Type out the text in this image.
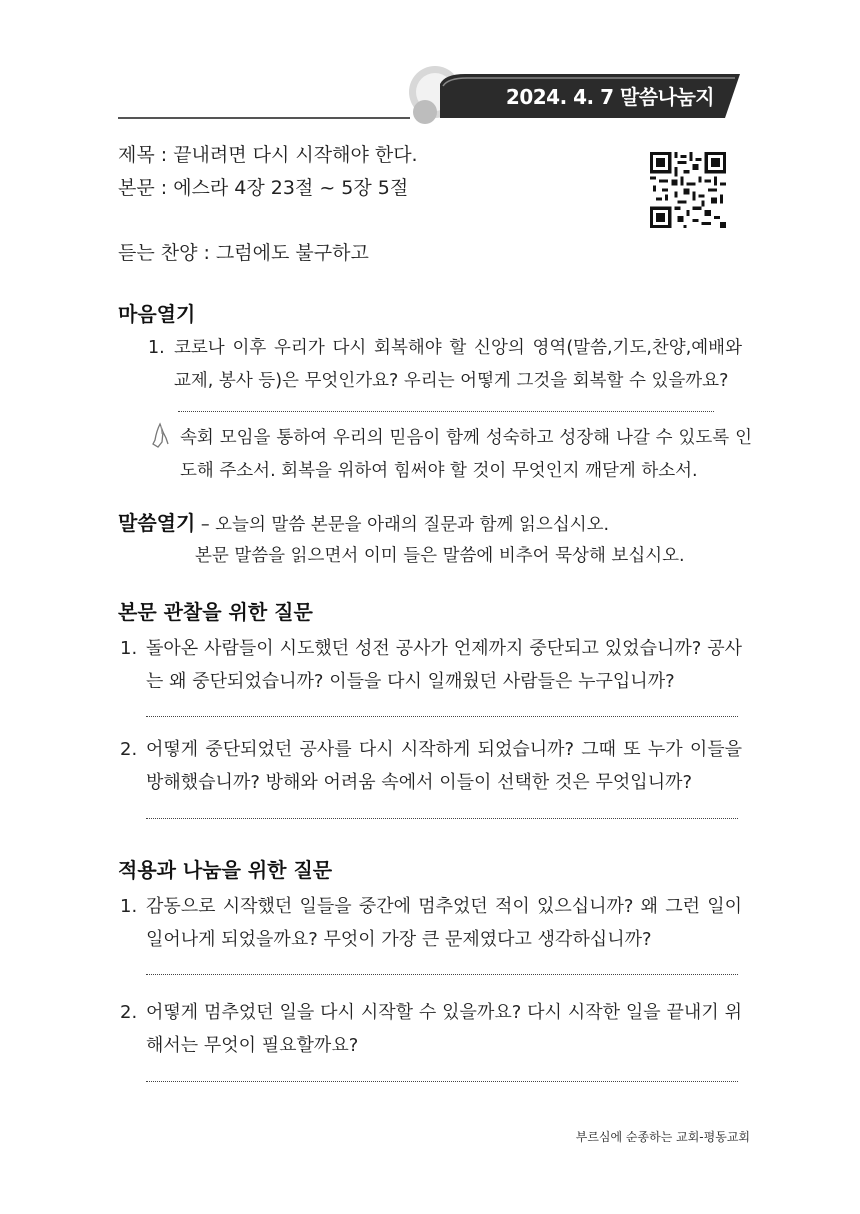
2024. 4. 7 말씀나눔지
제목 : 끝내려면 다시 시작해야 한다.
본문 : 에스라 4장 23절 ~ 5장 5절
듣는 찬양 : 그럼에도 불구하고
마음열기
1. 코로나 이후 우리가 다시 회복해야 할 신앙의 영역(말씀,기도,찬양,예배와 교제, 봉사 등)은 무엇인가요? 우리는 어떻게 그것을 회복할 수 있을까요?
속회 모임을 통하여 우리의 믿음이 함께 성숙하고 성장해 나갈 수 있도록 인도해 주소서. 회복을 위하여 힘써야 할 것이 무엇인지 깨닫게 하소서.
말씀열기 – 오늘의 말씀 본문을 아래의 질문과 함께 읽으십시오.
본문 말씀을 읽으면서 이미 들은 말씀에 비추어 묵상해 보십시오.
본문 관찰을 위한 질문
1. 돌아온 사람들이 시도했던 성전 공사가 언제까지 중단되고 있었습니까? 공사는 왜 중단되었습니까? 이들을 다시 일깨웠던 사람들은 누구입니까?
2. 어떻게 중단되었던 공사를 다시 시작하게 되었습니까? 그때 또 누가 이들을 방해했습니까? 방해와 어려움 속에서 이들이 선택한 것은 무엇입니까?
적용과 나눔을 위한 질문
1. 감동으로 시작했던 일들을 중간에 멈추었던 적이 있으십니까? 왜 그런 일이 일어나게 되었을까요? 무엇이 가장 큰 문제였다고 생각하십니까?
2. 어떻게 멈추었던 일을 다시 시작할 수 있을까요? 다시 시작한 일을 끝내기 위해서는 무엇이 필요할까요?
부르심에 순종하는 교회-평동교회
